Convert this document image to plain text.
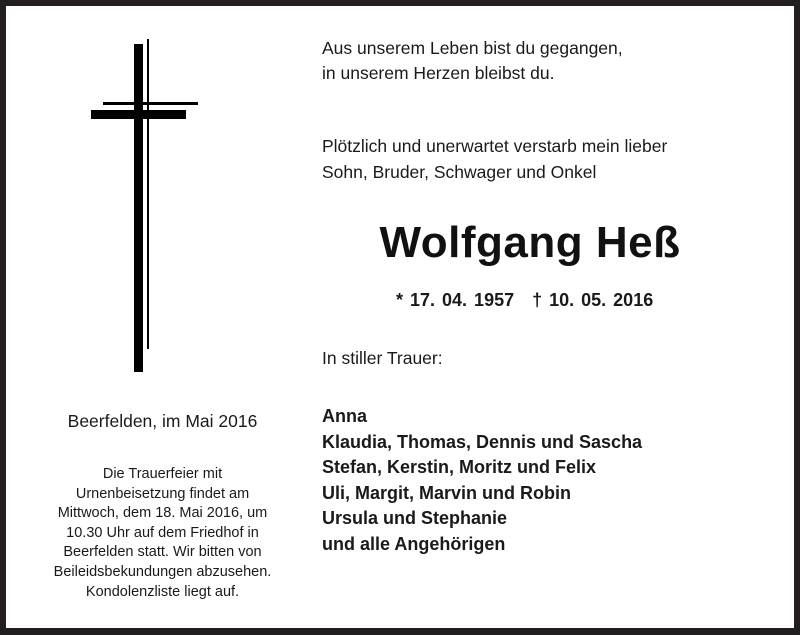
Aus unserem Leben bist du gegangen,
in unserem Herzen bleibst du.
Plötzlich und unerwartet verstarb mein lieber
Sohn, Bruder, Schwager und Onkel
Wolfgang Heß
* 17. 04. 1957 † 10. 05. 2016
In stiller Trauer:
Anna
Klaudia, Thomas, Dennis und Sascha
Stefan, Kerstin, Moritz und Felix
Uli, Margit, Marvin und Robin
Ursula und Stephanie
und alle Angehörigen
Beerfelden, im Mai 2016
Die Trauerfeier mit
Urnenbeisetzung findet am
Mittwoch, dem 18. Mai 2016, um
10.30 Uhr auf dem Friedhof in
Beerfelden statt. Wir bitten von
Beileidsbekundungen abzusehen.
Kondolenzliste liegt auf.
